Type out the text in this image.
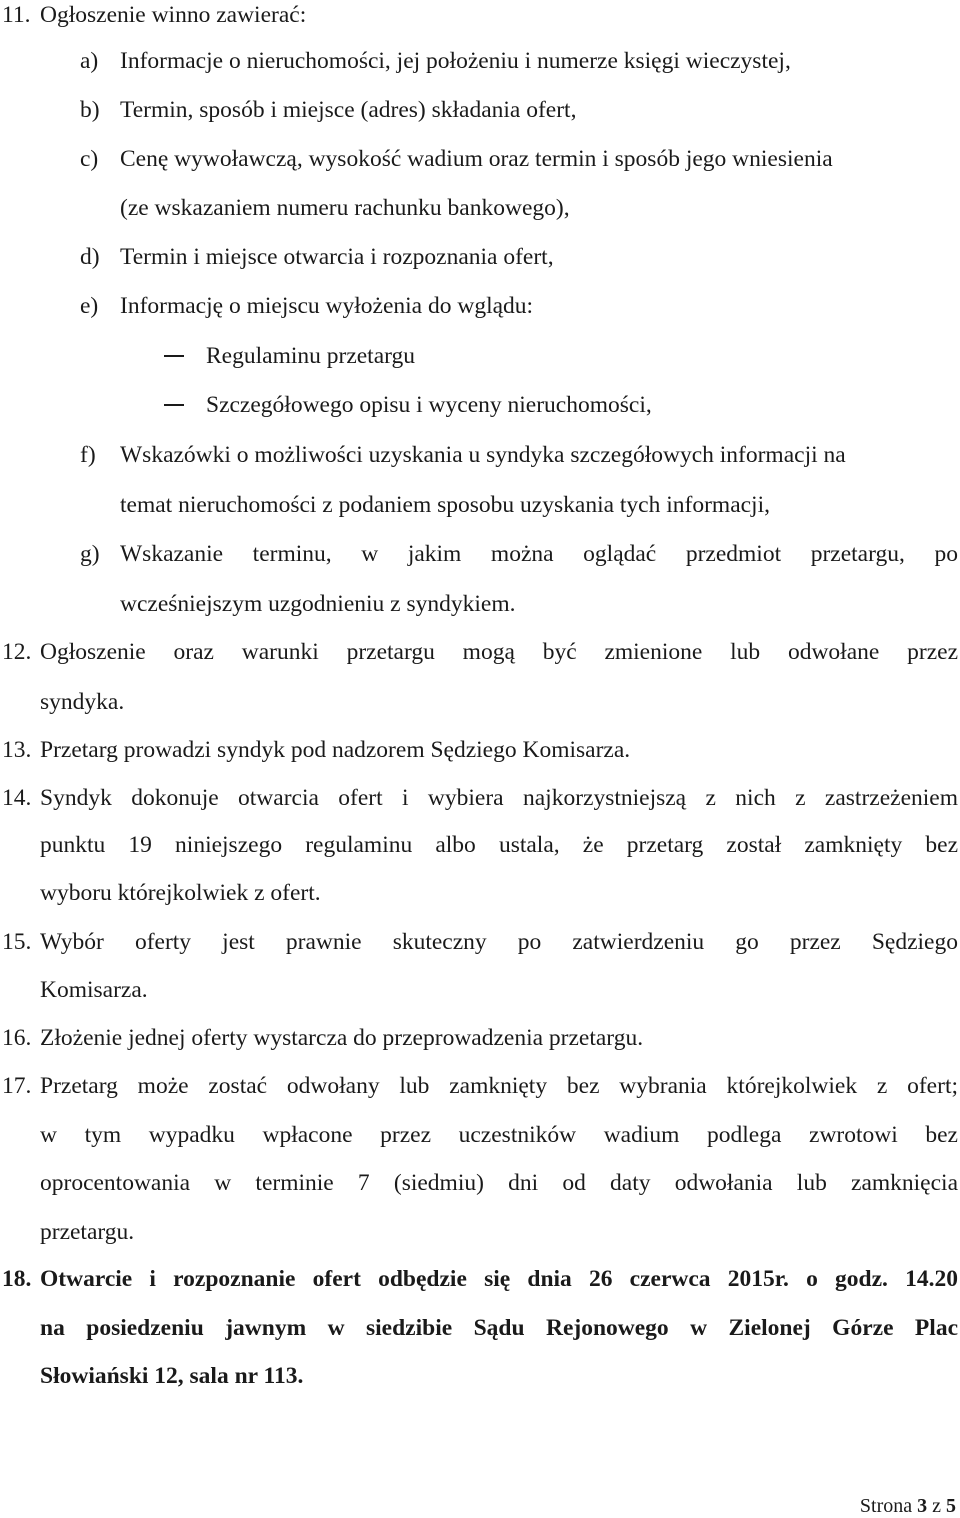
11. Ogłoszenie winno zawierać:
a) Informacje o nieruchomości, jej położeniu i numerze księgi wieczystej,
b) Termin, sposób i miejsce (adres) składania ofert,
c) Cenę wywoławczą, wysokość wadium oraz termin i sposób jego wniesienia
(ze wskazaniem numeru rachunku bankowego),
d) Termin i miejsce otwarcia i rozpoznania ofert,
e) Informację o miejscu wyłożenia do wglądu:
Regulaminu przetargu
Szczegółowego opisu i wyceny nieruchomości,
f) Wskazówki o możliwości uzyskania u syndyka szczegółowych informacji na
temat nieruchomości z podaniem sposobu uzyskania tych informacji,
g) Wskazanie terminu, w jakim można oglądać przedmiot przetargu, po
wcześniejszym uzgodnieniu z syndykiem.
12. Ogłoszenie oraz warunki przetargu mogą być zmienione lub odwołane przez
syndyka.
13. Przetarg prowadzi syndyk pod nadzorem Sędziego Komisarza.
14. Syndyk dokonuje otwarcia ofert i wybiera najkorzystniejszą z nich z zastrzeżeniem
punktu 19 niniejszego regulaminu albo ustala, że przetarg został zamknięty bez
wyboru którejkolwiek z ofert.
15. Wybór oferty jest prawnie skuteczny po zatwierdzeniu go przez Sędziego
Komisarza.
16. Złożenie jednej oferty wystarcza do przeprowadzenia przetargu.
17. Przetarg może zostać odwołany lub zamknięty bez wybrania którejkolwiek z ofert;
w tym wypadku wpłacone przez uczestników wadium podlega zwrotowi bez
oprocentowania w terminie 7 (siedmiu) dni od daty odwołania lub zamknięcia
przetargu.
18. Otwarcie i rozpoznanie ofert odbędzie się dnia 26 czerwca 2015r. o godz. 14.20
na posiedzeniu jawnym w siedzibie Sądu Rejonowego w Zielonej Górze Plac
Słowiański 12, sala nr 113.
Strona 3 z 5
